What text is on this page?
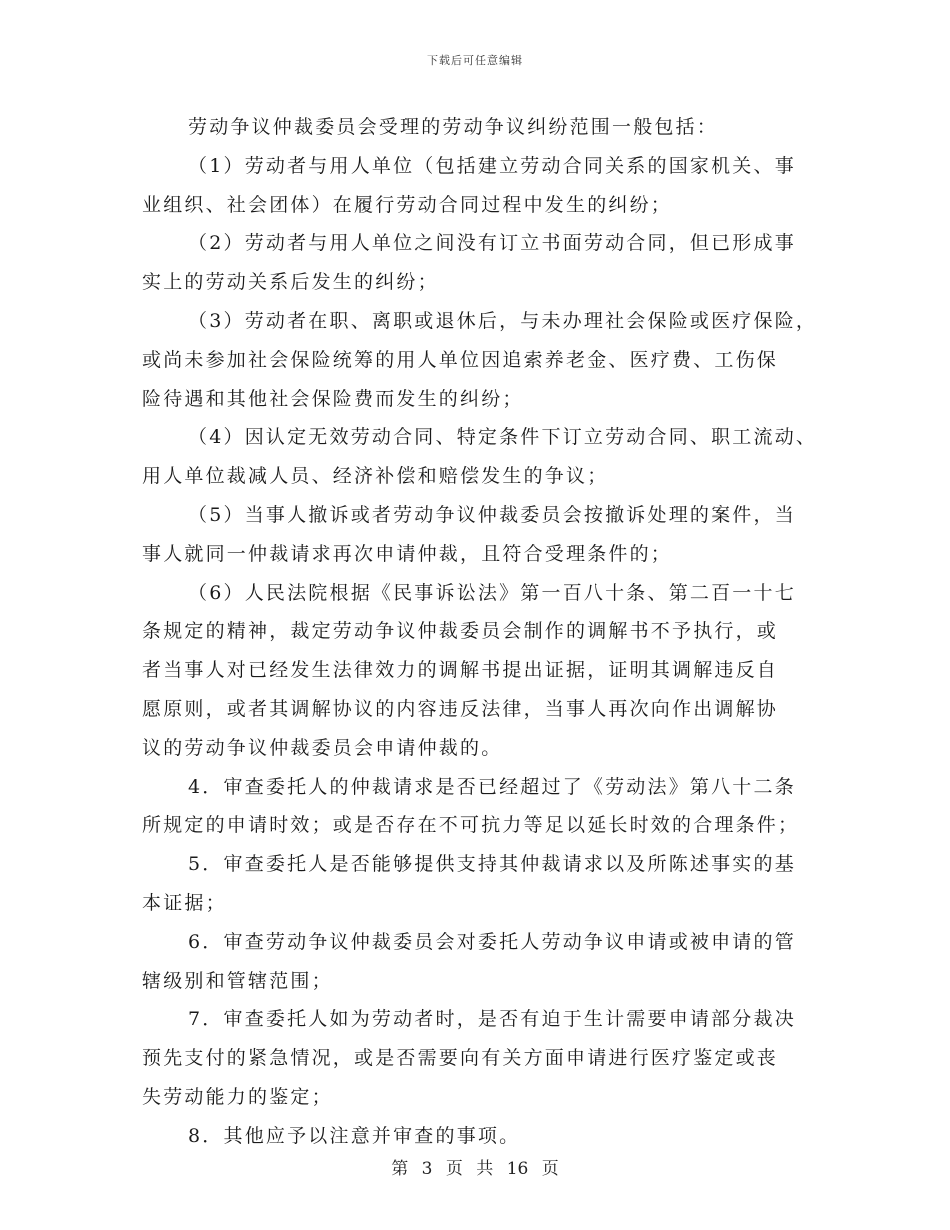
下载后可任意编辑
劳动争议仲裁委员会受理的劳动争议纠纷范围一般包括：
（1）劳动者与用人单位（包括建立劳动合同关系的国家机关、事
业组织、社会团体）在履行劳动合同过程中发生的纠纷；
（2）劳动者与用人单位之间没有订立书面劳动合同，但已形成事
实上的劳动关系后发生的纠纷；
（3）劳动者在职、离职或退休后，与未办理社会保险或医疗保险，
或尚未参加社会保险统筹的用人单位因追索养老金、医疗费、工伤保
险待遇和其他社会保险费而发生的纠纷；
（4）因认定无效劳动合同、特定条件下订立劳动合同、职工流动、
用人单位裁减人员、经济补偿和赔偿发生的争议；
（5）当事人撤诉或者劳动争议仲裁委员会按撤诉处理的案件，当
事人就同一仲裁请求再次申请仲裁，且符合受理条件的；
（6）人民法院根据《民事诉讼法》第一百八十条、第二百一十七
条规定的精神，裁定劳动争议仲裁委员会制作的调解书不予执行，或
者当事人对已经发生法律效力的调解书提出证据，证明其调解违反自
愿原则，或者其调解协议的内容违反法律，当事人再次向作出调解协
议的劳动争议仲裁委员会申请仲裁的。
4．审查委托人的仲裁请求是否已经超过了《劳动法》第八十二条
所规定的申请时效；或是否存在不可抗力等足以延长时效的合理条件；
5．审查委托人是否能够提供支持其仲裁请求以及所陈述事实的基
本证据；
6．审查劳动争议仲裁委员会对委托人劳动争议申请或被申请的管
辖级别和管辖范围；
7．审查委托人如为劳动者时，是否有迫于生计需要申请部分裁决
预先支付的紧急情况，或是否需要向有关方面申请进行医疗鉴定或丧
失劳动能力的鉴定；
8．其他应予以注意并审查的事项。
第 3 页 共 16 页
